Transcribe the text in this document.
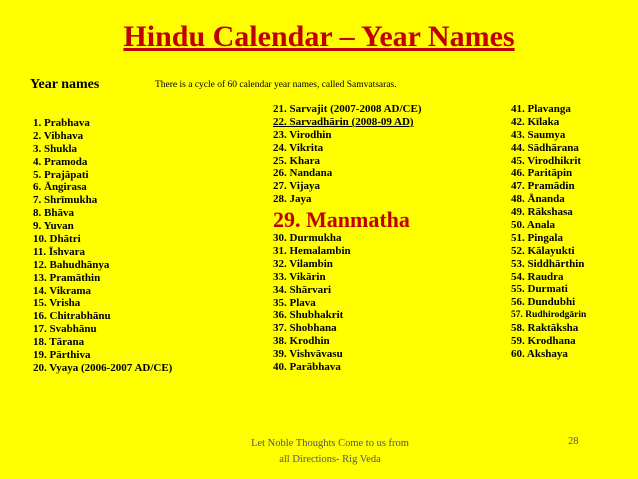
Hindu Calendar – Year Names
Year names	There is a cycle of 60 calendar year names, called Samvatsaras.
1. Prabhava
2. Vibhava
3. Shukla
4. Pramoda
5. Prajāpati
6. Āngirasa
7. Shrīmukha
8. Bhāva
9. Yuvan
10. Dhātri
11. Īshvara
12. Bahudhānya
13. Pramāthin
14. Vikrama
15. Vrisha
16. Chitrabhānu
17. Svabhānu
18. Tārana
19. Pārthiva
20. Vyaya (2006-2007 AD/CE)
21. Sarvajit (2007-2008 AD/CE)
22. Sarvadhārin (2008-09 AD)
23. Virodhin
24. Vikrita
25. Khara
26. Nandana
27. Vijaya
28. Jaya
29. Manmatha
30. Durmukha
31. Hemalambin
32. Vilambin
33. Vikārin
34. Shārvari
35. Plava
36. Shubhakrit
37. Shobhana
38. Krodhin
39. Vishvāvasu
40. Parābhava
41. Plavanga
42. Kīlaka
43. Saumya
44. Sādhārana
45. Virodhikrit
46. Paritāpin
47. Pramādin
48. Ānanda
49. Rākshasa
50. Anala
51. Pingala
52. Kālayukti
53. Siddhārthin
54. Raudra
55. Durmati
56. Dundubhi
57. Rudhirodgārin
58. Raktāksha
59. Krodhana
60. Akshaya
Let Noble Thoughts Come to us from
all Directions- Rig Veda
28
